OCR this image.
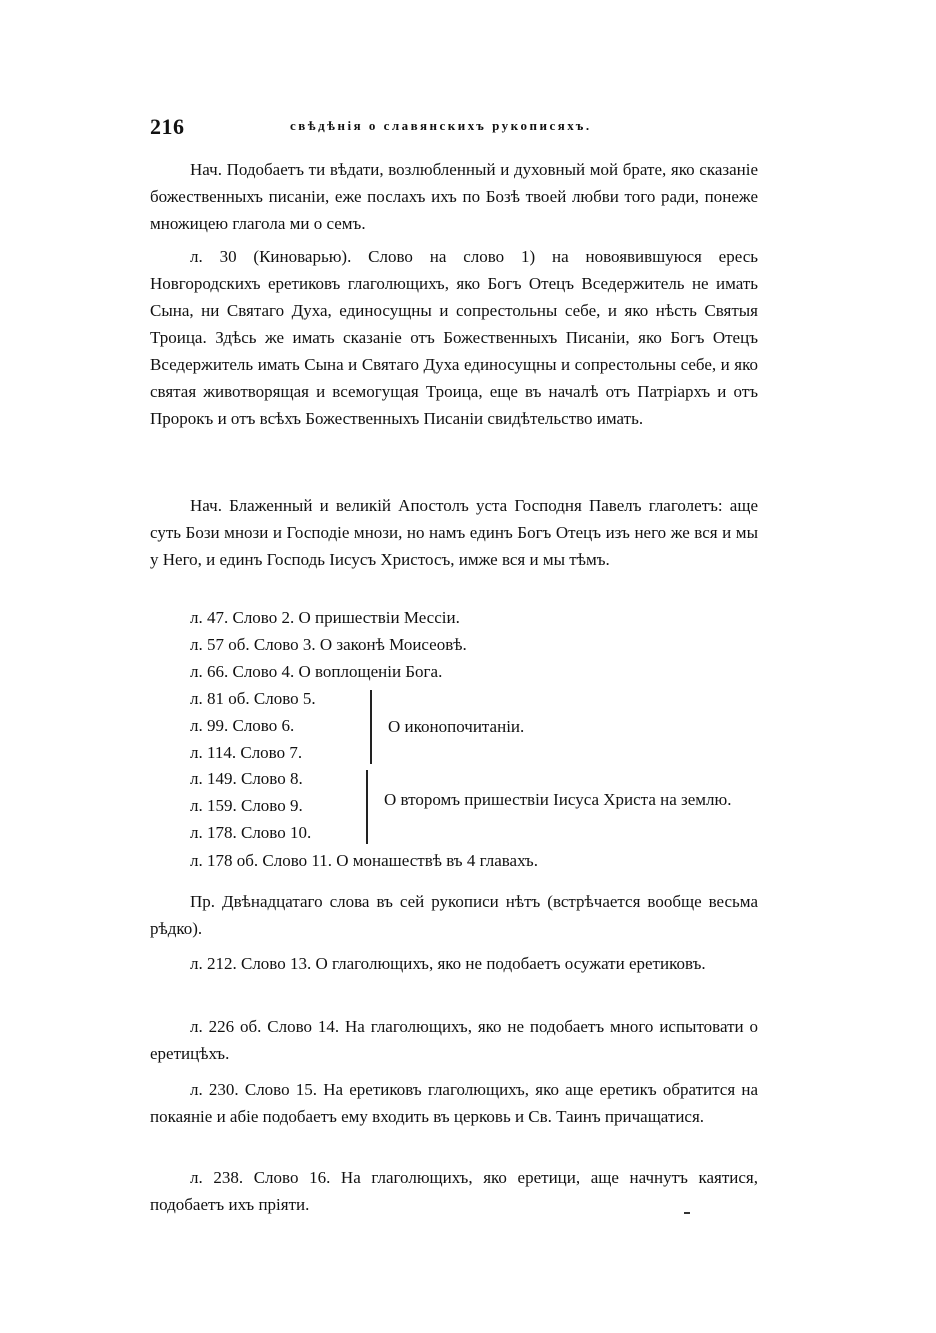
216	свѣдѣнія о славянскихъ рукописяхъ.

Нач. Подобаетъ ти вѣдати, возлюбленный и духовный мой брате, яко сказаніе божественныхъ писаніи, еже послахъ ихъ по Бозѣ твоей любви того ради, понеже множицею глагола ми о семъ.

л. 30 (Киноварью). Слово на слово 1) на новоявившуюся ересь Новгородскихъ еретиковъ глаголющихъ, яко Богъ Отецъ Вседержитель не имать Сына, ни Святаго Духа, единосущны и сопрестольны себе, и яко нѣсть Святыя Троица. Здѣсь же имать сказаніе отъ Божественныхъ Писаніи, яко Богъ Отецъ Вседержитель имать Сына и Святаго Духа единосущны и сопрестольны себе, и яко святая животворящая и всемогущая Троица, еще въ началѣ отъ Патріархъ и отъ Пророкъ и отъ всѣхъ Божественныхъ Писаніи свидѣтельство имать.

Нач. Блаженный и великій Апостолъ уста Господня Павелъ глаголетъ: аще суть Бози мнози и Господіе мнози, но намъ единъ Богъ Отецъ изъ него же вся и мы у Него, и единъ Господь Іисусъ Христосъ, имже вся и мы тѣмъ.

л. 47. Слово 2. О пришествіи Мессіи.
л. 57 об. Слово 3. О законѣ Моисеовѣ.
л. 66. Слово 4. О воплощеніи Бога.
л. 81 об. Слово 5.
л. 99. Слово 6.
л. 114. Слово 7.
О иконопочитаніи.
л. 149. Слово 8.
л. 159. Слово 9.
л. 178. Слово 10.
О второмъ пришествіи Іисуса Христа на землю.
л. 178 об. Слово 11. О монашествѣ въ 4 главахъ.

Пр. Двѣнадцатаго слова въ сей рукописи нѣтъ (встрѣчается вообще весьма рѣдко).

л. 212. Слово 13. О глаголющихъ, яко не подобаетъ осужати еретиковъ.

л. 226 об. Слово 14. На глаголющихъ, яко не подобаетъ много испытовати о еретицѣхъ.

л. 230. Слово 15. На еретиковъ глаголющихъ, яко аще еретикъ обратится на покаяніе и абіе подобаетъ ему входить въ церковь и Св. Таинъ причащатися.

л. 238. Слово 16. На глаголющихъ, яко еретици, аще начнутъ каятися, подобаетъ ихъ пріяти.
